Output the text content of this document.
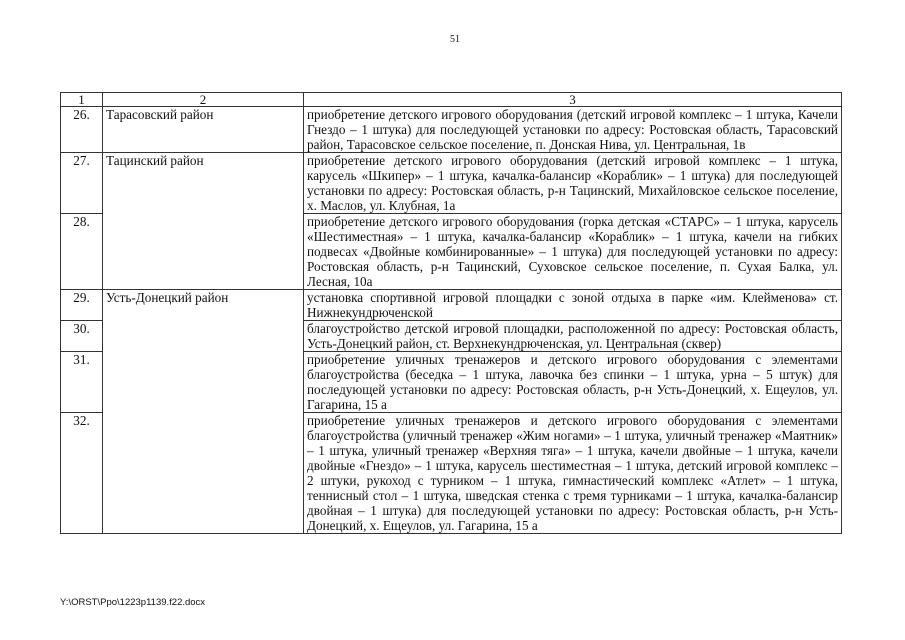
51
1	2	3
26.	Тарасовский район	приобретение детского игрового оборудования (детский игровой комплекс – 1 штука, Качели Гнездо – 1 штука) для последующей установки по адресу: Ростовская область, Тарасовский район, Тарасовское сельское поселение, п. Донская Нива, ул. Центральная, 1в
27.	Тацинский район	приобретение детского игрового оборудования (детский игровой комплекс – 1 штука, карусель «Шкипер» – 1 штука, качалка-балансир «Кораблик» – 1 штука) для последующей установки по адресу: Ростовская область, р-н Тацинский, Михайловское сельское поселение, х. Маслов, ул. Клубная, 1а
28.		приобретение детского игрового оборудования (горка детская «СТАРС» – 1 штука, карусель «Шестиместная» – 1 штука, качалка-балансир «Кораблик» – 1 штука, качели на гибких подвесах «Двойные комбинированные» – 1 штука) для последующей установки по адресу: Ростовская область, р-н Тацинский, Суховское сельское поселение, п. Сухая Балка, ул. Лесная, 10а
29.	Усть-Донецкий район	установка спортивной игровой площадки с зоной отдыха в парке «им. Клейменова» ст. Нижнекундрюченской
30.		благоустройство детской игровой площадки, расположенной по адресу: Ростовская область, Усть-Донецкий район, ст. Верхнекундрюченская, ул. Центральная (сквер)
31.		приобретение уличных тренажеров и детского игрового оборудования с элементами благоустройства (беседка – 1 штука, лавочка без спинки – 1 штука, урна – 5 штук) для последующей установки по адресу: Ростовская область, р-н Усть-Донецкий, х. Ещеулов, ул. Гагарина, 15 а
32.		приобретение уличных тренажеров и детского игрового оборудования с элементами благоустройства (уличный тренажер «Жим ногами» – 1 штука, уличный тренажер «Маятник» – 1 штука, уличный тренажер «Верхняя тяга» – 1 штука, качели двойные – 1 штука, качели двойные «Гнездо» – 1 штука, карусель шестиместная – 1 штука, детский игровой комплекс – 2 штуки, рукоход с турником – 1 штука, гимнастический комплекс «Атлет» – 1 штука, теннисный стол – 1 штука, шведская стенка с тремя турниками – 1 штука, качалка-балансир двойная – 1 штука) для последующей установки по адресу: Ростовская область, р-н Усть-Донецкий, х. Ещеулов, ул. Гагарина, 15 а
Y:\ORST\Ppo\1223p1139.f22.docx
